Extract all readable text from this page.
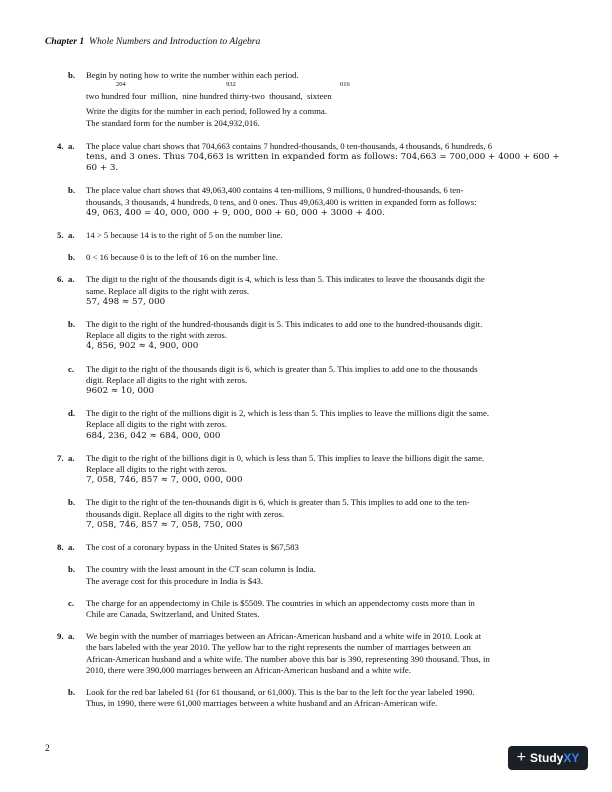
Chapter 1 Whole Numbers and Introduction to Algebra
b. Begin by noting how to write the number within each period.
204	932	016
two hundred four  million,  nine hundred thirty-two  thousand,  sixteen
Write the digits for the number in each period, followed by a comma.
The standard form for the number is 204,932,016.
4. a. The place value chart shows that 704,663 contains 7 hundred-thousands, 0 ten-thousands, 4 thousands, 6 hundreds, 6
tens, and 3 ones. Thus 704,663 is written in expanded form as follows: 704,663 = 700,000 + 4000 + 600 + 60 + 3.
b. The place value chart shows that 49,063,400 contains 4 ten-millions, 9 millions, 0 hundred-thousands, 6 ten-
thousands, 3 thousands, 4 hundreds, 0 tens, and 0 ones. Thus 49,063,400 is written in expanded form as follows:
49, 063, 400 = 40, 000, 000 + 9, 000, 000 + 60, 000 + 3000 + 400.
5. a. 14 > 5 because 14 is to the right of 5 on the number line.
b. 0 < 16 because 0 is to the left of 16 on the number line.
6. a. The digit to the right of the thousands digit is 4, which is less than 5. This indicates to leave the thousands digit the
same. Replace all digits to the right with zeros.
57, 498 ≈ 57, 000
b. The digit to the right of the hundred-thousands digit is 5. This indicates to add one to the hundred-thousands digit.
Replace all digits to the right with zeros.
4, 856, 902 ≈ 4, 900, 000
c. The digit to the right of the thousands digit is 6, which is greater than 5. This implies to add one to the thousands
digit. Replace all digits to the right with zeros.
9602 ≈ 10, 000
d. The digit to the right of the millions digit is 2, which is less than 5. This implies to leave the millions digit the same.
Replace all digits to the right with zeros.
684, 236, 042 ≈ 684, 000, 000
7. a. The digit to the right of the billions digit is 0, which is less than 5. This implies to leave the billions digit the same.
Replace all digits to the right with zeros.
7, 058, 746, 857 ≈ 7, 000, 000, 000
b. The digit to the right of the ten-thousands digit is 6, which is greater than 5. This implies to add one to the ten-
thousands digit. Replace all digits to the right with zeros.
7, 058, 746, 857 ≈ 7, 058, 750, 000
8. a. The cost of a coronary bypass in the United States is $67,583
b. The country with the least amount in the CT scan column is India.
The average cost for this procedure in India is $43.
c. The charge for an appendectomy in Chile is $5509. The countries in which an appendectomy costs more than in
Chile are Canada, Switzerland, and United States.
9. a. We begin with the number of marriages between an African-American husband and a white wife in 2010. Look at
the bars labeled with the year 2010. The yellow bar to the right represents the number of marriages between an
African-American husband and a white wife. The number above this bar is 390, representing 390 thousand. Thus, in
2010, there were 390,000 marriages between an African-American husband and a white wife.
b. Look for the red bar labeled 61 (for 61 thousand, or 61,000). This is the bar to the left for the year labeled 1990.
Thus, in 1990, there were 61,000 marriages between a white husband and an African-American wife.
2	+ Study XY
